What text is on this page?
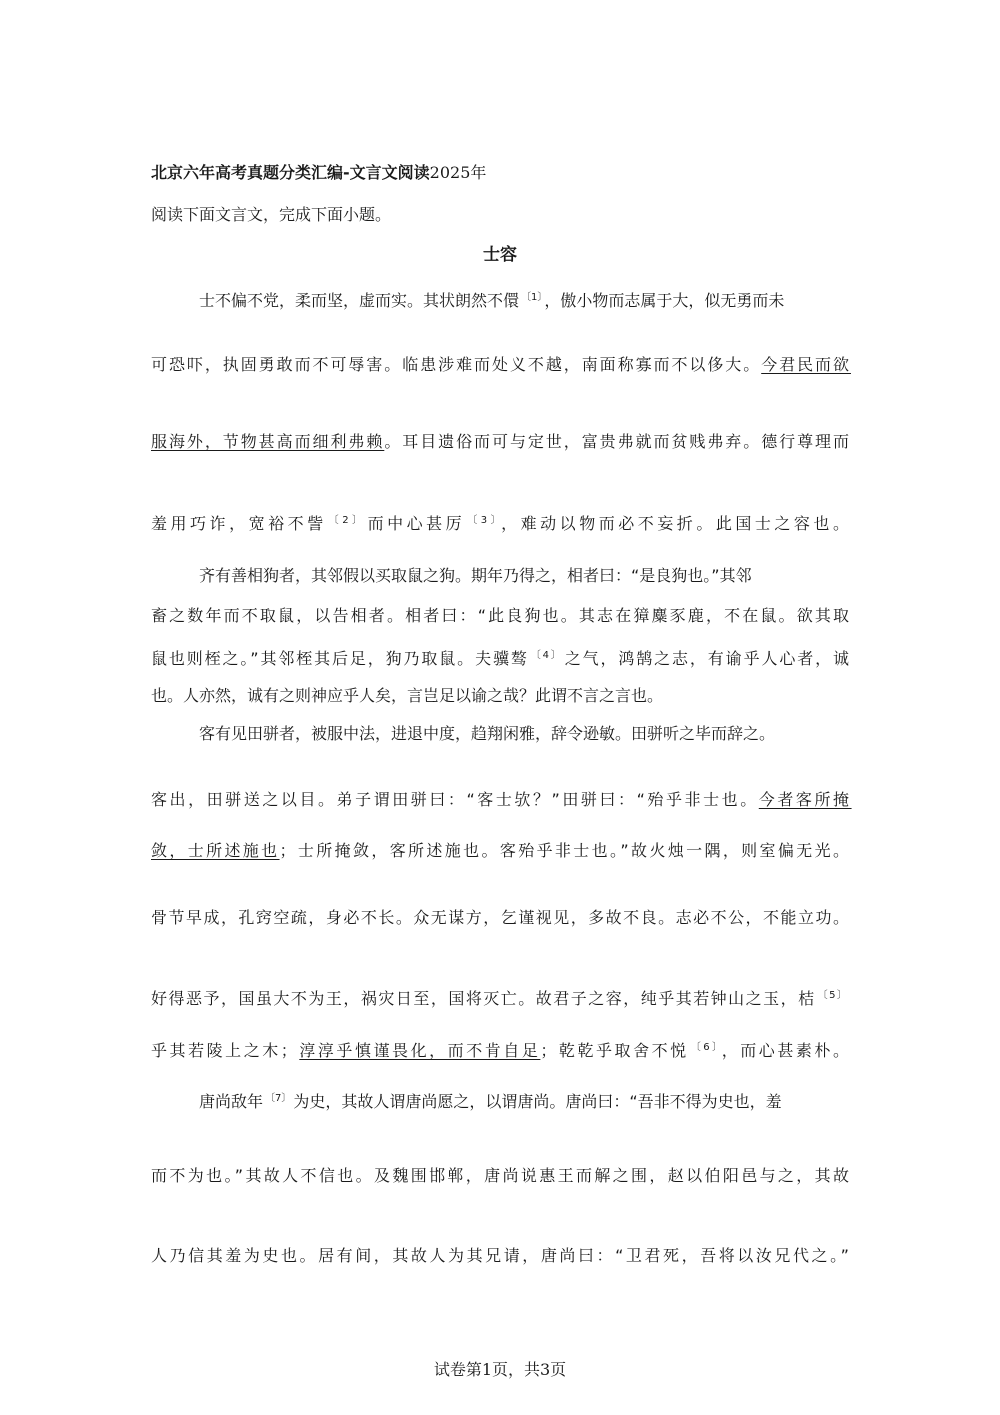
北京六年高考真题分类汇编-文言文阅读2025年
阅读下面文言文，完成下面小题。
士容
士不偏不党，柔而坚，虚而实。其状朗然不儇 $^{〔1〕}$ ，傲小物而志属于大，似无勇而未
可恐吓，执固勇敢而不可辱害。临患涉难而处义不越，南面称寡而不以侈大。今君民而欲
服海外，节物甚高而细利弗赖。耳目遗俗而可与定世，富贵弗就而贫贱弗弃。德行尊理而
羞用巧诈，宽裕不訾 $^{〔2〕}$ 而中心甚厉 $^{〔3〕}$ ，难动以物而必不妄折。此国士之容也。
齐有善相狗者，其邻假以买取鼠之狗。期年乃得之，相者曰：“是良狗也。”其邻
畜之数年而不取鼠，以告相者。相者曰：“此良狗也。其志在獐麋豕鹿，不在鼠。欲其取
鼠也则桎之。”其邻桎其后足，狗乃取鼠。夫骥骜 $^{〔4〕}$ 之气，鸿鹄之志，有谕乎人心者，诚
也。人亦然，诚有之则神应乎人矣，言岂足以谕之哉？此谓不言之言也。
客有见田骈者，被服中法，进退中度，趋翔闲雅，辞令逊敏。田骈听之毕而辞之。
客出，田骈送之以目。弟子谓田骈曰：“客士欤？”田骈曰：“殆乎非士也。今者客所掩
敛，士所述施也；士所掩敛，客所述施也。客殆乎非士也。”故火烛一隅，则室偏无光。
骨节早成，孔窍空疏，身必不长。众无谋方，乞谨视见，多故不良。志必不公，不能立功。
好得恶予，国虽大不为王，祸灾日至，国将灭亡。故君子之容，纯乎其若钟山之玉，桔 $^{〔5〕}$
乎其若陵上之木；淳淳乎慎谨畏化，而不肯自足；乾乾乎取舍不悦 $^{〔6〕}$ ，而心甚素朴。
唐尚敌年 $^{〔7〕}$ 为史，其故人谓唐尚愿之，以谓唐尚。唐尚曰：“吾非不得为史也，羞
而不为也。”其故人不信也。及魏围邯郸，唐尚说惠王而解之围，赵以伯阳邑与之，其故
人乃信其羞为史也。居有间，其故人为其兄请，唐尚曰：“卫君死，吾将以汝兄代之。”
试卷第1页，共3页
